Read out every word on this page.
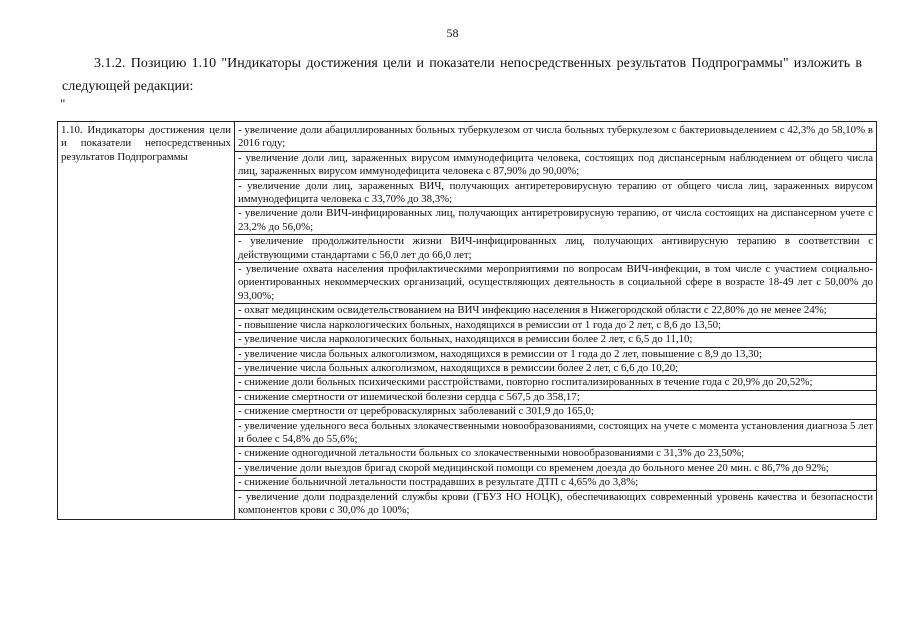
58
3.1.2. Позицию 1.10 "Индикаторы достижения цели и показатели непосредственных результатов Подпрограммы" изложить в следующей редакции:
"
1.10. Индикаторы достижения цели и показатели непосредственных результатов Подпрограммы	
- увеличение доли абациллированных больных туберкулезом от числа больных туберкулезом с бактериовыделением с 42,3% до 58,10% в 2016 году;
- увеличение доли лиц, зараженных вирусом иммунодефицита человека, состоящих под диспансерным наблюдением от общего числа лиц, зараженных вирусом иммунодефицита человека с 87,90% до 90,00%;
- увеличение доли лиц, зараженных ВИЧ, получающих антиретеровирусную терапию от общего числа лиц, зараженных вирусом иммунодефицита человека с 33,70% до 38,3%;
- увеличение доли ВИЧ-инфицированных лиц, получающих антиретровирусную терапию, от числа состоящих на диспансерном учете с 23,2% до 56,0%;
- увеличение продолжительности жизни ВИЧ-инфицированных лиц, получающих антивирусную терапию в соответствии с действующими стандартами с 56,0 лет до 66,0 лет;
- увеличение охвата населения профилактическими мероприятиями по вопросам ВИЧ-инфекции, в том числе с участием социально-ориентированных некоммерческих организаций, осуществляющих деятельность в социальной сфере в возрасте 18-49 лет с 50,00% до 93,00%;
- охват медицинским освидетельствованием на ВИЧ инфекцию населения в Нижегородской области с 22,80% до не менее 24%;
- повышение числа наркологических больных, находящихся в ремиссии от 1 года до 2 лет, с 8,6 до 13,50;
- увеличение числа наркологических больных, находящихся в ремиссии более 2 лет, с 6,5 до 11,10;
- увеличение числа больных алкоголизмом, находящихся в ремиссии от 1 года до 2 лет, повышение с 8,9 до 13,30;
- увеличение числа больных алкоголизмом, находящихся в ремиссии более 2 лет, с 6,6 до 10,20;
- снижение доли больных психическими расстройствами, повторно госпитализированных в течение года с 20,9% до 20,52%;
- снижение смертности от ишемической болезни сердца с 567,5 до 358,17;
- снижение смертности от цереброваскулярных заболеваний с 301,9 до 165,0;
- увеличение удельного веса больных злокачественными новообразованиями, состоящих на учете с момента установления диагноза 5 лет и более с 54,8% до 55,6%;
- снижение одногодичной летальности больных со злокачественными новообразованиями с 31,3% до 23,50%;
- увеличение доли выездов бригад скорой медицинской помощи со временем доезда до больного менее 20 мин. с 86,7% до 92%;
- снижение больничной летальности пострадавших в результате ДТП с 4,65% до 3,8%;
- увеличение доли подразделений службы крови (ГБУЗ НО НОЦК), обеспечивающих современный уровень качества и безопасности компонентов крови с 30,0% до 100%;
